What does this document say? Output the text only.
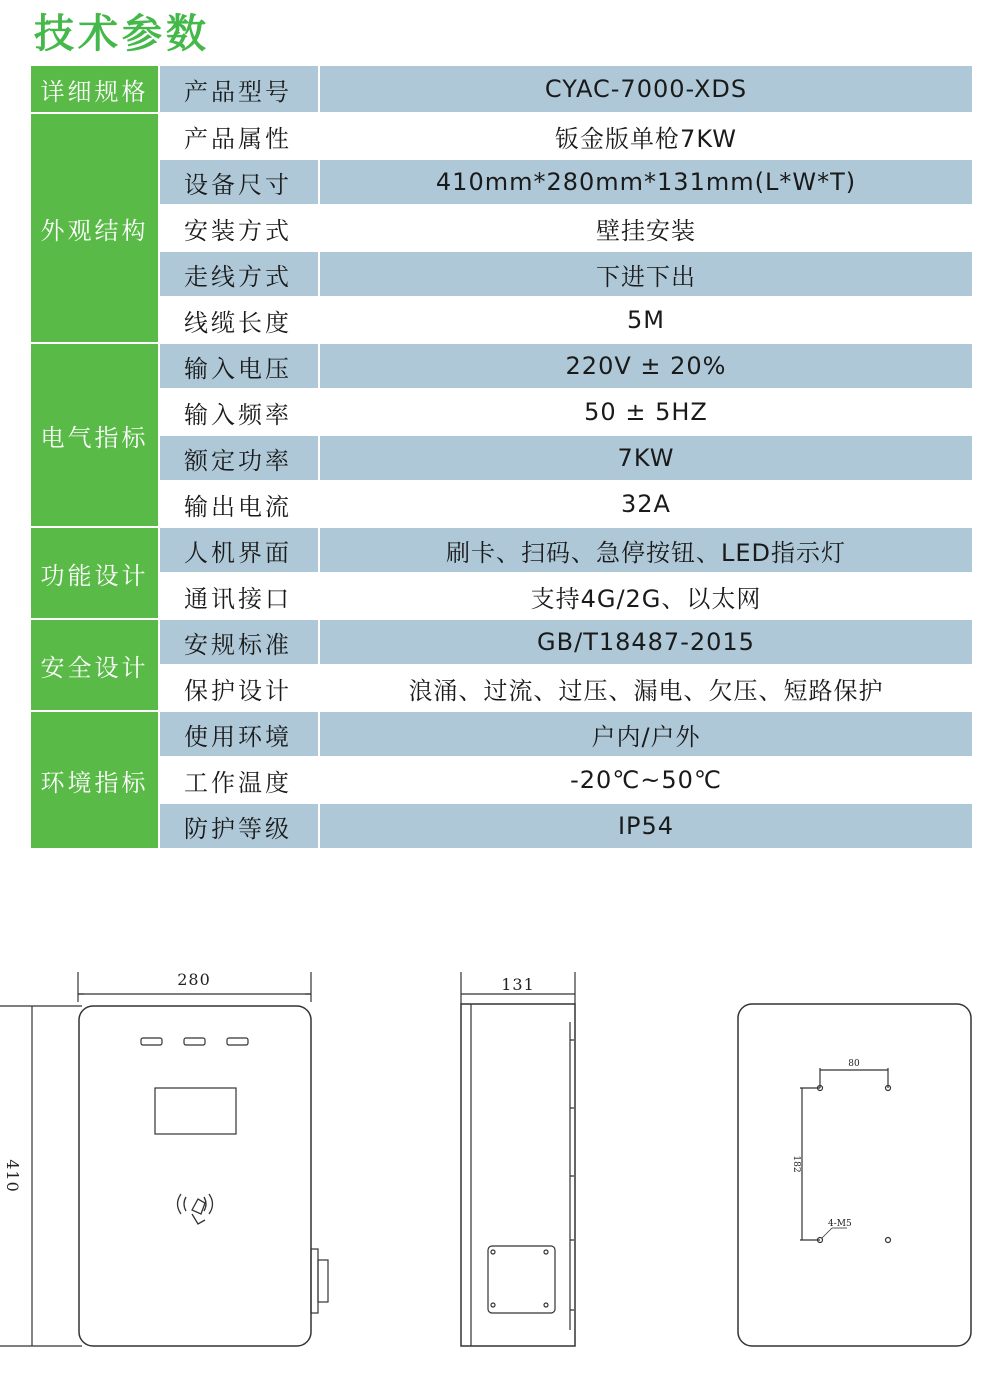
技术参数
详细规格	产品型号	CYAC-7000-XDS
外观结构	产品属性	钣金版单枪7KW
	设备尺寸	410mm*280mm*131mm(L*W*T)
	安装方式	壁挂安装
	走线方式	下进下出
	线缆长度	5M
电气指标	输入电压	220V ± 20%
	输入频率	50 ± 5HZ
	额定功率	7KW
	输出电流	32A
功能设计	人机界面	刷卡、扫码、急停按钮、LED指示灯
	通讯接口	支持4G/2G、以太网
安全设计	安规标准	GB/T18487-2015
	保护设计	浪涌、过流、过压、漏电、欠压、短路保护
环境指标	使用环境	户内/户外
	工作温度	-20℃~50℃
	防护等级	IP54
280
410
131
80
182
4-M5
